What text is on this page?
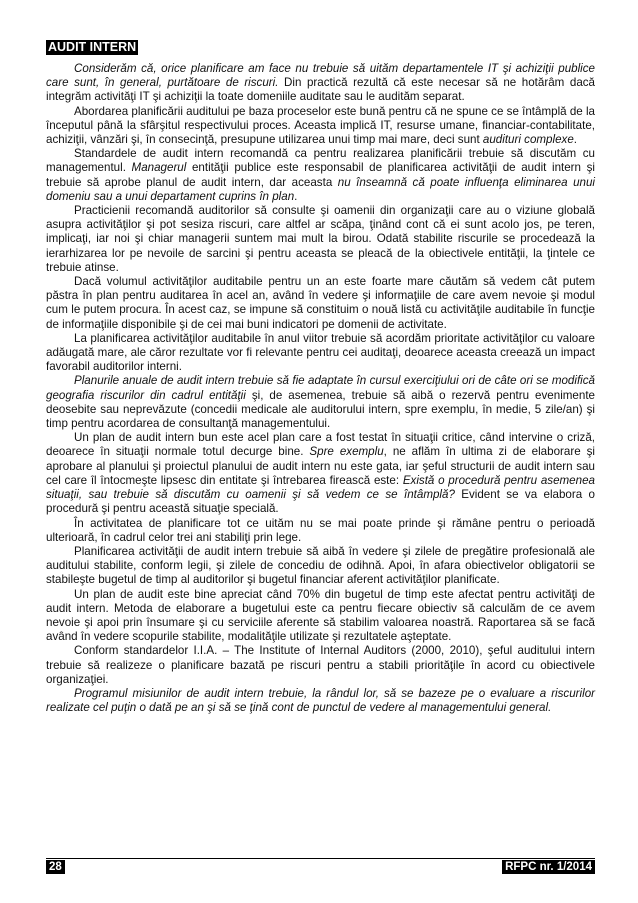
AUDIT INTERN

Considerăm că, orice planificare am face nu trebuie să uităm departamentele IT şi achiziţii publice care sunt, în general, purtătoare de riscuri. Din practică rezultă că este necesar să ne hotărâm dacă integrăm activităţi IT şi achiziţii la toate domeniile auditate sau le audităm separat.

Abordarea planificării auditului pe baza proceselor este bună pentru că ne spune ce se întâmplă de la începutul până la sfârşitul respectivului proces. Aceasta implică IT, resurse umane, financiar-contabilitate, achiziţii, vânzări şi, în consecinţă, presupune utilizarea unui timp mai mare, deci sunt audituri complexe.

Standardele de audit intern recomandă ca pentru realizarea planificării trebuie să discutăm cu managementul. Managerul entităţii publice este responsabil de planificarea activităţii de audit intern şi trebuie să aprobe planul de audit intern, dar aceasta nu înseamnă că poate influenţa eliminarea unui domeniu sau a unui departament cuprins în plan.

Practicienii recomandă auditorilor să consulte şi oamenii din organizaţii care au o viziune globală asupra activităţilor şi pot sesiza riscuri, care altfel ar scăpa, ţinând cont că ei sunt acolo jos, pe teren, implicaţi, iar noi şi chiar managerii suntem mai mult la birou. Odată stabilite riscurile se procedează la ierarhizarea lor pe nevoile de sarcini şi pentru aceasta se pleacă de la obiectivele entităţii, la ţintele ce trebuie atinse.

Dacă volumul activităţilor auditabile pentru un an este foarte mare căutăm să vedem cât putem păstra în plan pentru auditarea în acel an, având în vedere şi informaţiile de care avem nevoie şi modul cum le putem procura. În acest caz, se impune să constituim o nouă listă cu activităţile auditabile în funcţie de informaţiile disponibile şi de cei mai buni indicatori pe domenii de activitate.

La planificarea activităţilor auditabile în anul viitor trebuie să acordăm prioritate activităţilor cu valoare adăugată mare, ale căror rezultate vor fi relevante pentru cei auditaţi, deoarece aceasta creează un impact favorabil auditorilor interni.

Planurile anuale de audit intern trebuie să fie adaptate în cursul exerciţiului ori de câte ori se modifică geografia riscurilor din cadrul entităţii şi, de asemenea, trebuie să aibă o rezervă pentru evenimente deosebite sau neprevăzute (concedii medicale ale auditorului intern, spre exemplu, în medie, 5 zile/an) şi timp pentru acordarea de consultanţă managementului.

Un plan de audit intern bun este acel plan care a fost testat în situaţii critice, când intervine o criză, deoarece în situaţii normale totul decurge bine. Spre exemplu, ne aflăm în ultima zi de elaborare şi aprobare al planului şi proiectul planului de audit intern nu este gata, iar şeful structurii de audit intern sau cel care îl întocmeşte lipsesc din entitate şi întrebarea firească este: Există o procedură pentru asemenea situaţii, sau trebuie să discutăm cu oamenii şi să vedem ce se întâmplă? Evident se va elabora o procedură şi pentru această situaţie specială.

În activitatea de planificare tot ce uităm nu se mai poate prinde şi rămâne pentru o perioadă ulterioară, în cadrul celor trei ani stabiliţi prin lege.

Planificarea activităţii de audit intern trebuie să aibă în vedere şi zilele de pregătire profesională ale auditului stabilite, conform legii, şi zilele de concediu de odihnă. Apoi, în afara obiectivelor obligatorii se stabileşte bugetul de timp al auditorilor şi bugetul financiar aferent activităţilor planificate.

Un plan de audit este bine apreciat când 70% din bugetul de timp este afectat pentru activităţi de audit intern. Metoda de elaborare a bugetului este ca pentru fiecare obiectiv să calculăm de ce avem nevoie şi apoi prin însumare şi cu serviciile aferente să stabilim valoarea noastră. Raportarea să se facă având în vedere scopurile stabilite, modalităţile utilizate şi rezultatele aşteptate.

Conform standardelor I.I.A. – The Institute of Internal Auditors (2000, 2010), şeful auditului intern trebuie să realizeze o planificare bazată pe riscuri pentru a stabili priorităţile în acord cu obiectivele organizaţiei.

Programul misiunilor de audit intern trebuie, la rândul lor, să se bazeze pe o evaluare a riscurilor realizate cel puţin o dată pe an şi să se ţină cont de punctul de vedere al managementului general.

28	RFPC nr. 1/2014
